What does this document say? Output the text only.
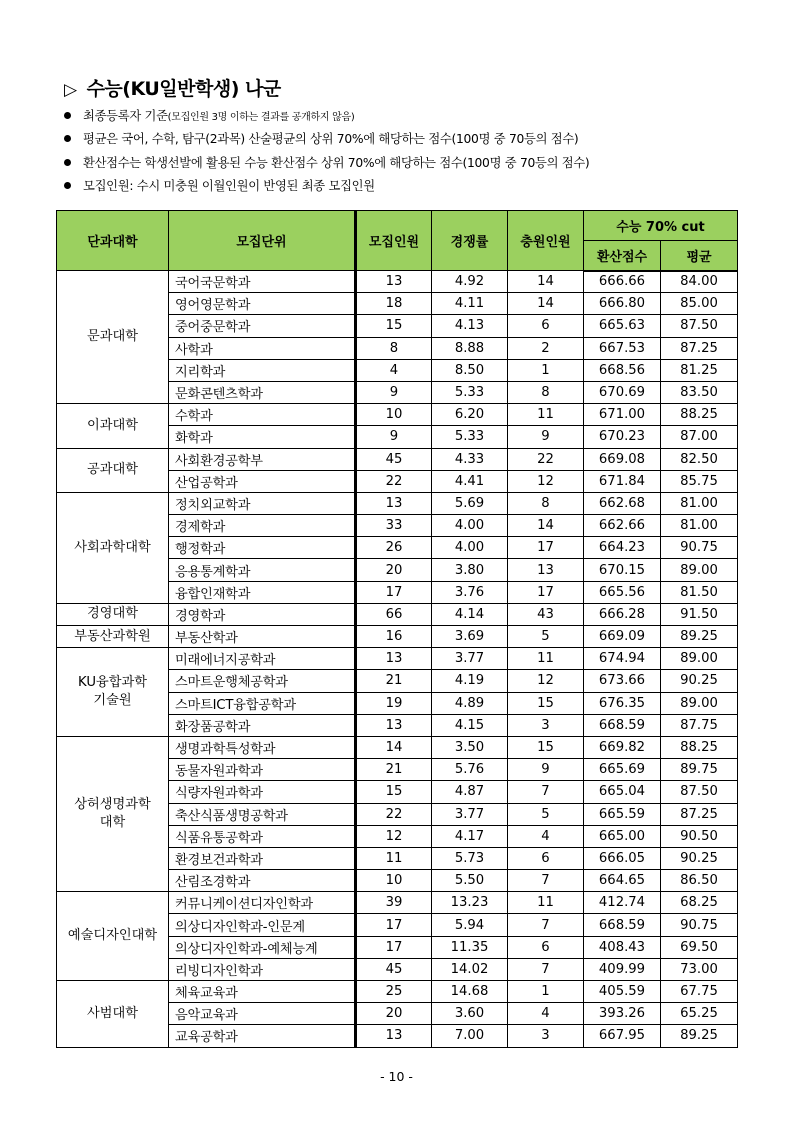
▷ 수능(KU일반학생) 나군
최종등록자 기준(모집인원 3명 이하는 결과를 공개하지 않음)
평균은 국어, 수학, 탐구(2과목) 산술평균의 상위 70%에 해당하는 점수(100명 중 70등의 점수)
환산점수는 학생선발에 활용된 수능 환산점수 상위 70%에 해당하는 점수(100명 중 70등의 점수)
모집인원: 수시 미충원 이월인원이 반영된 최종 모집인원
단과대학	모집단위	모집인원	경쟁률	충원인원	수능 70% cut	
					환산점수	평균
문과대학	국어국문학과	13	4.92	14	666.66	84.00
	영어영문학과	18	4.11	14	666.80	85.00
	중어중문학과	15	4.13	6	665.63	87.50
	사학과	8	8.88	2	667.53	87.25
	지리학과	4	8.50	1	668.56	81.25
	문화콘텐츠학과	9	5.33	8	670.69	83.50
이과대학	수학과	10	6.20	11	671.00	88.25
	화학과	9	5.33	9	670.23	87.00
공과대학	사회환경공학부	45	4.33	22	669.08	82.50
	산업공학과	22	4.41	12	671.84	85.75
사회과학대학	정치외교학과	13	5.69	8	662.68	81.00
	경제학과	33	4.00	14	662.66	81.00
	행정학과	26	4.00	17	664.23	90.75
	응용통계학과	20	3.80	13	670.15	89.00
	융합인재학과	17	3.76	17	665.56	81.50
경영대학	경영학과	66	4.14	43	666.28	91.50
부동산과학원	부동산학과	16	3.69	5	669.09	89.25
KU융합과학
기술원	미래에너지공학과	13	3.77	11	674.94	89.00
	스마트운행체공학과	21	4.19	12	673.66	90.25
	스마트ICT융합공학과	19	4.89	15	676.35	89.00
	화장품공학과	13	4.15	3	668.59	87.75
상허생명과학
대학	생명과학특성학과	14	3.50	15	669.82	88.25
	동물자원과학과	21	5.76	9	665.69	89.75
	식량자원과학과	15	4.87	7	665.04	87.50
	축산식품생명공학과	22	3.77	5	665.59	87.25
	식품유통공학과	12	4.17	4	665.00	90.50
	환경보건과학과	11	5.73	6	666.05	90.25
	산림조경학과	10	5.50	7	664.65	86.50
예술디자인대학	커뮤니케이션디자인학과	39	13.23	11	412.74	68.25
	의상디자인학과-인문계	17	5.94	7	668.59	90.75
	의상디자인학과-예체능계	17	11.35	6	408.43	69.50
	리빙디자인학과	45	14.02	7	409.99	73.00
사범대학	체육교육과	25	14.68	1	405.59	67.75
	음악교육과	20	3.60	4	393.26	65.25
	교육공학과	13	7.00	3	667.95	89.25
- 10 -
